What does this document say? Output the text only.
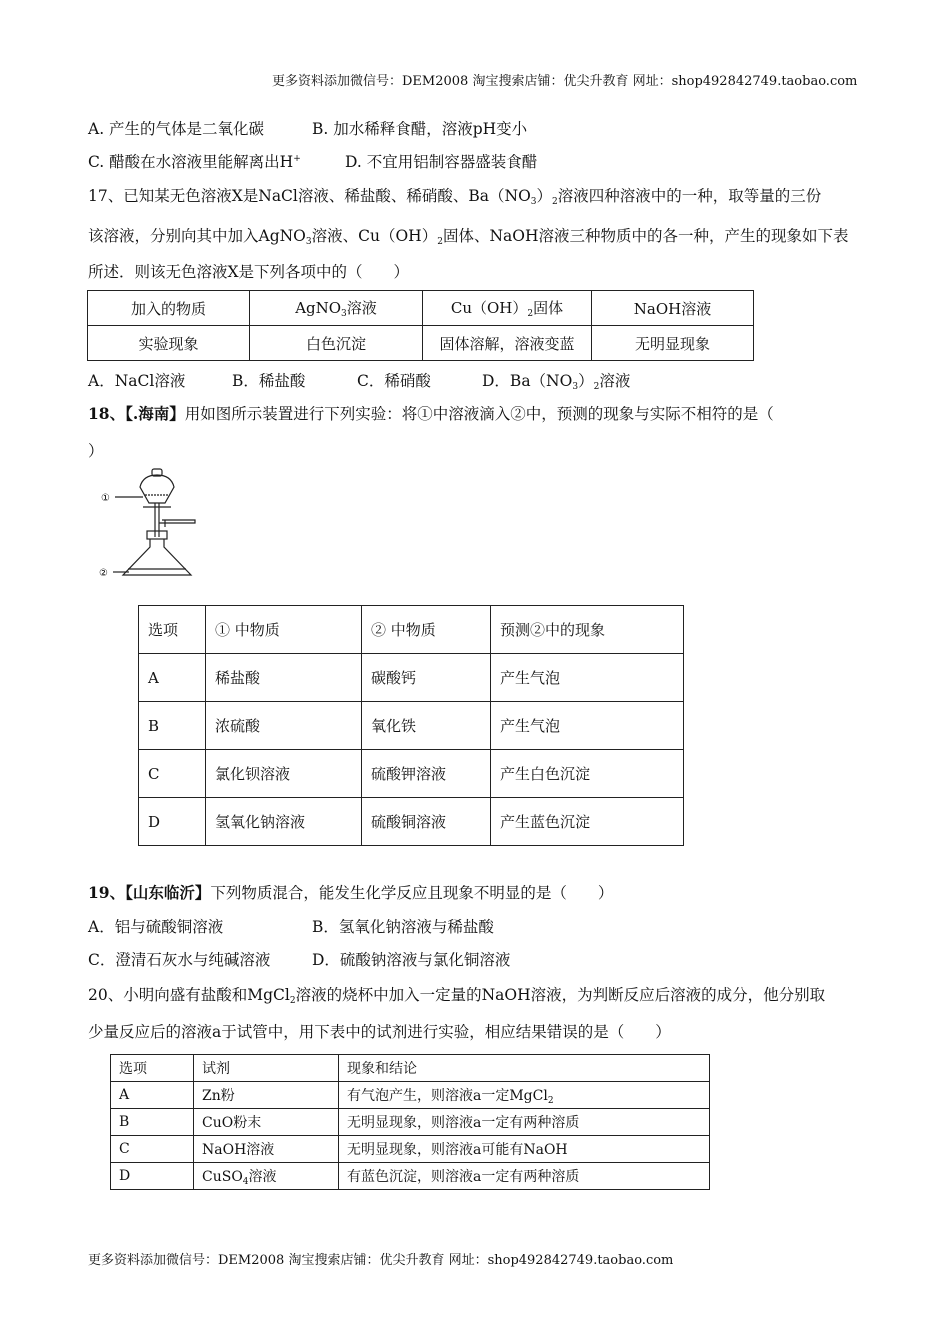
更多资料添加微信号：DEM2008 淘宝搜索店铺：优尖升教育 网址：shop492842749.taobao.com
A. 产生的气体是二氧化碳	B. 加水稀释食醋，溶液pH变小
C. 醋酸在水溶液里能解离出H+	D. 不宜用铝制容器盛装食醋
17、已知某无色溶液X是NaCl溶液、稀盐酸、稀硝酸、$Ba(NO_3)_2$溶液四种溶液中的一种，取等量的三份
该溶液，分别向其中加入AgNO$_3$溶液、$Cu(OH)_2$固体、NaOH溶液三种物质中的各一种，产生的现象如下表
所述．则该无色溶液X是下列各项中的（　　）
加入的物质	AgNO$_3$溶液	$Cu(OH)_2$固体	NaOH溶液
实验现象	白色沉淀	固体溶解，溶液变蓝	无明显现象
A．NaCl溶液	B．稀盐酸	C．稀硝酸	D．$Ba(NO_3)_2$溶液
18、【.海南】用如图所示装置进行下列实验：将①中溶液滴入②中，预测的现象与实际不相符的是（
）
①
②
选项	① 中物质	② 中物质	预测②中的现象
A	稀盐酸	碳酸钙	产生气泡
B	浓硫酸	氧化铁	产生气泡
C	氯化钡溶液	硫酸钾溶液	产生白色沉淀
D	氢氧化钠溶液	硫酸铜溶液	产生蓝色沉淀
19、【山东临沂】下列物质混合，能发生化学反应且现象不明显的是（　　）
A．铝与硫酸铜溶液	B．氢氧化钠溶液与稀盐酸
C．澄清石灰水与纯碱溶液	D．硫酸钠溶液与氯化铜溶液
20、小明向盛有盐酸和MgCl$_2$溶液的烧杯中加入一定量的NaOH溶液，为判断反应后溶液的成分，他分别取
少量反应后的溶液a于试管中，用下表中的试剂进行实验，相应结果错误的是（　　）
选项	试剂	现象和结论
A	Zn粉	有气泡产生，则溶液a一定MgCl$_2$
B	CuO粉末	无明显现象，则溶液a一定有两种溶质
C	NaOH溶液	无明显现象，则溶液a可能有NaOH
D	CuSO$_4$溶液	有蓝色沉淀，则溶液a一定有两种溶质
更多资料添加微信号：DEM2008 淘宝搜索店铺：优尖升教育 网址：shop492842749.taobao.com
